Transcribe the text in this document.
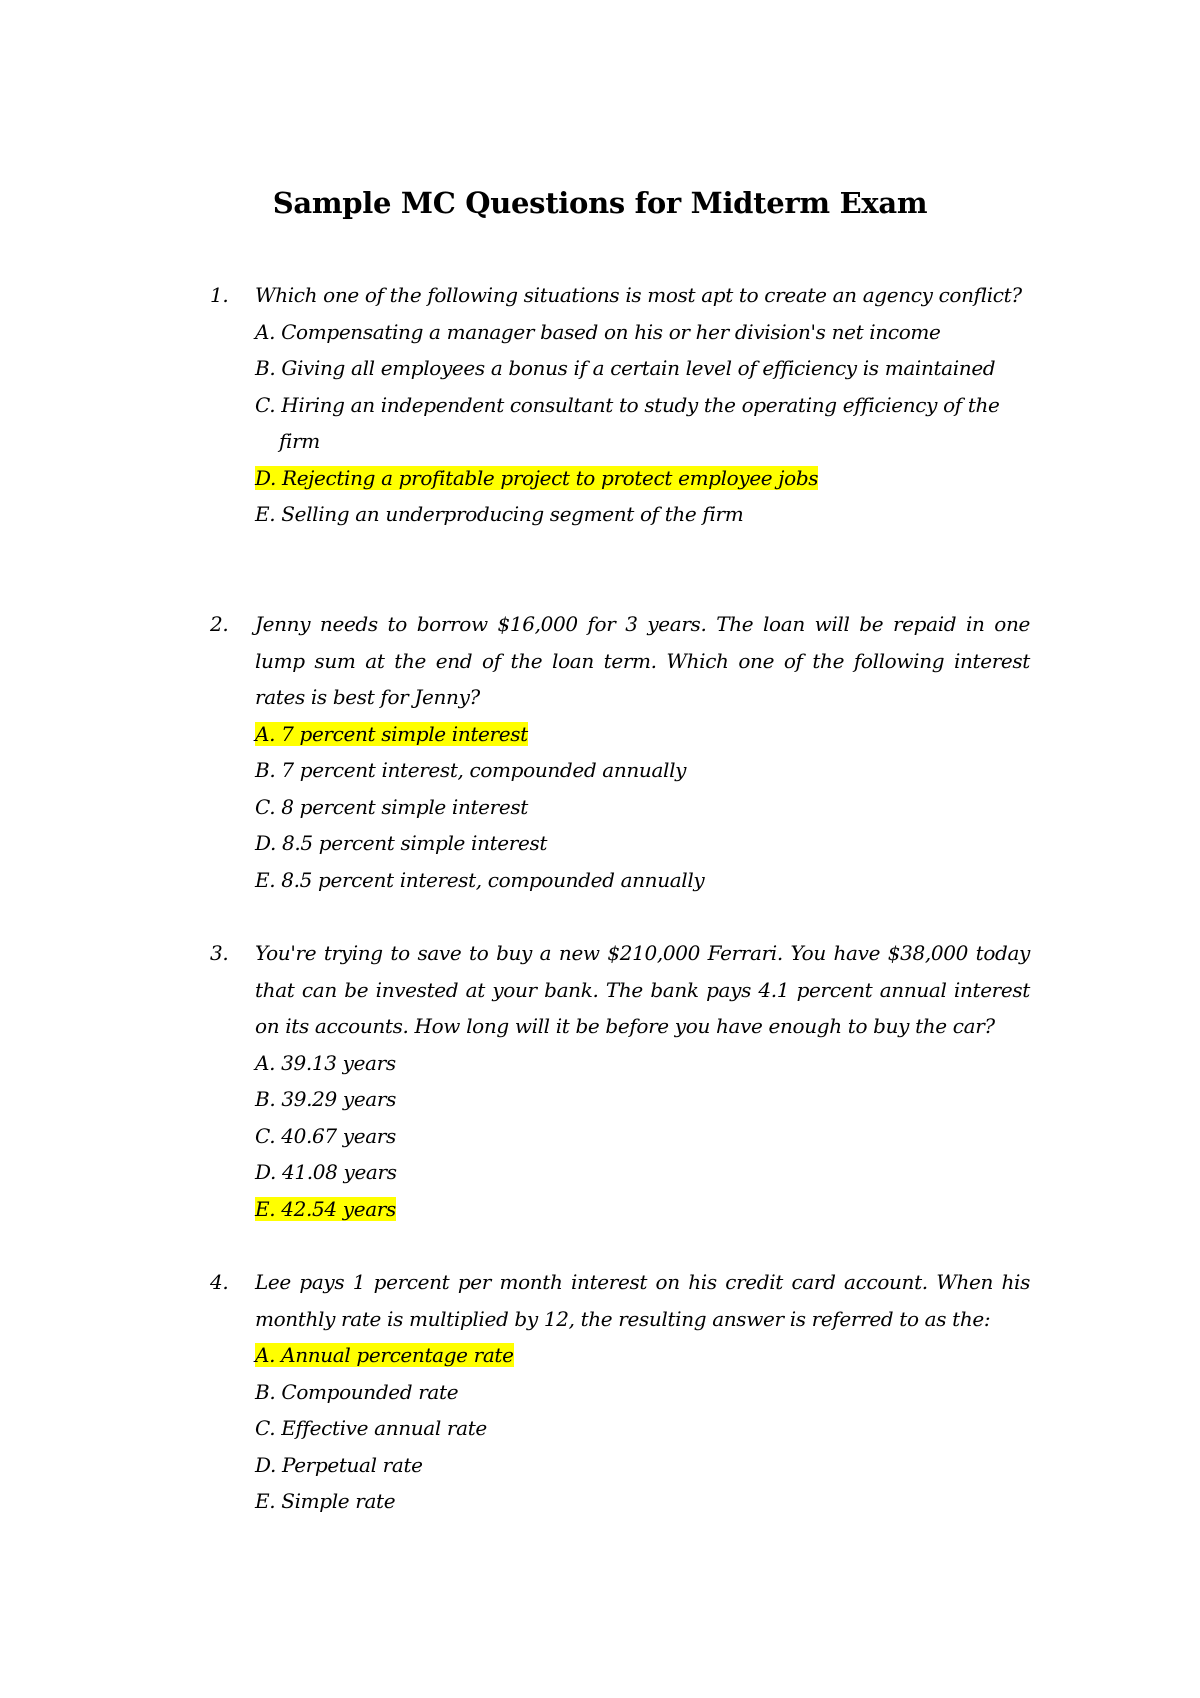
Sample MC Questions for Midterm Exam
1.	Which one of the following situations is most apt to create an agency conflict?
A. Compensating a manager based on his or her division's net income
B. Giving all employees a bonus if a certain level of efficiency is maintained
C. Hiring an independent consultant to study the operating efficiency of the firm
D. Rejecting a profitable project to protect employee jobs
E. Selling an underproducing segment of the firm
2.	Jenny needs to borrow $16,000 for 3 years. The loan will be repaid in one lump sum at the end of the loan term. Which one of the following interest rates is best for Jenny?
A. 7 percent simple interest
B. 7 percent interest, compounded annually
C. 8 percent simple interest
D. 8.5 percent simple interest
E. 8.5 percent interest, compounded annually
3.	You're trying to save to buy a new $210,000 Ferrari. You have $38,000 today that can be invested at your bank. The bank pays 4.1 percent annual interest on its accounts. How long will it be before you have enough to buy the car?
A. 39.13 years
B. 39.29 years
C. 40.67 years
D. 41.08 years
E. 42.54 years
4.	Lee pays 1 percent per month interest on his credit card account. When his monthly rate is multiplied by 12, the resulting answer is referred to as the:
A. Annual percentage rate
B. Compounded rate
C. Effective annual rate
D. Perpetual rate
E. Simple rate
